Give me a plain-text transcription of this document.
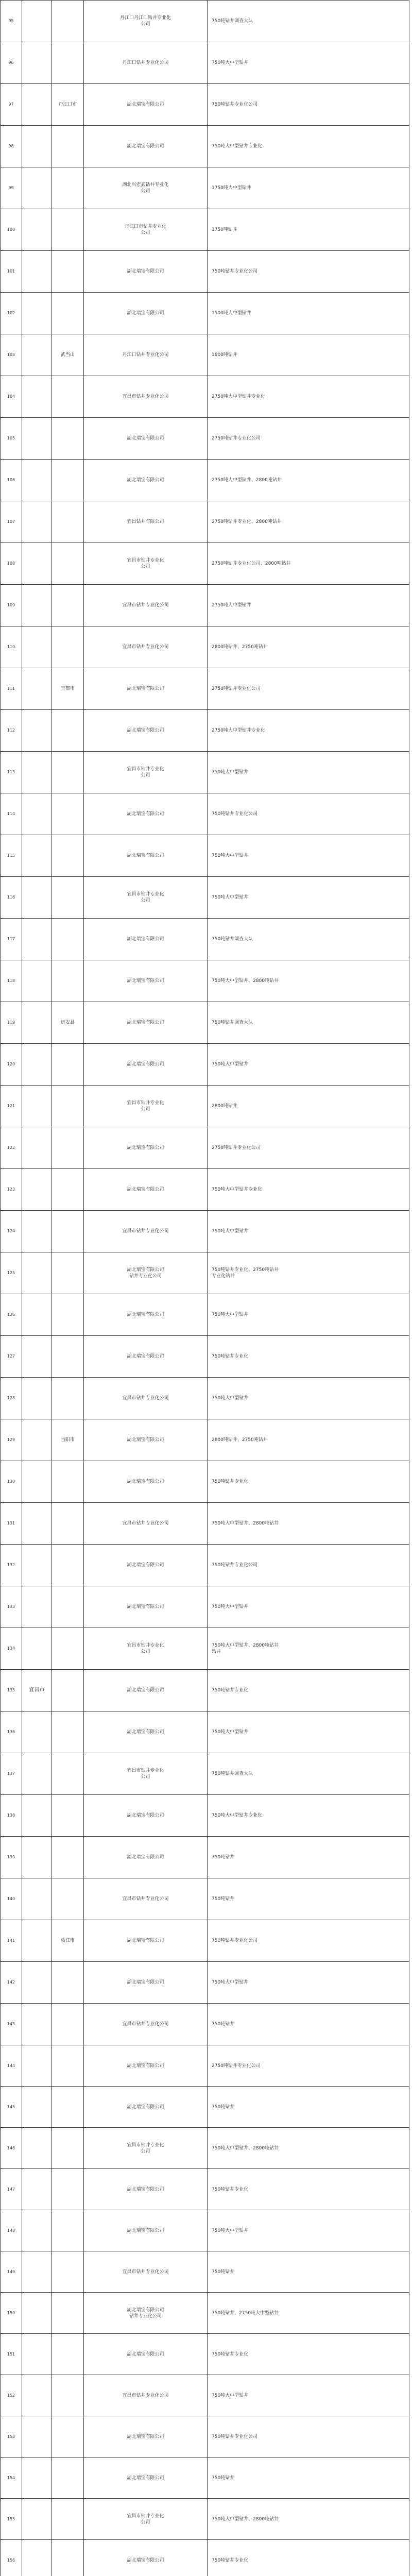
95			丹江口丹江口钻井专业化
公司	750吨钻井调查大队
96			丹江口钻井专业化公司	750吨大中型钻井
97		丹江口市	湖北瑞宝有限公司	750吨钻井专业化公司
98			湖北瑞宝有限公司	750吨大中型钻井专业化
99			湖北兴宏武钻井专业化
公司	1750吨大中型钻井
100			丹江口市钻井专业化
公司	1750吨钻井
101			湖北瑞宝有限公司	750吨钻井专业化公司
102			湖北瑞宝有限公司	1500吨大中型钻井
103		武当山	丹江口钻井专业化公司	1800吨钻井
104			宜昌市钻井专业化公司	2750吨大中型钻井专业化
105			湖北瑞宝有限公司	2750吨钻井专业化公司
106			湖北瑞宝有限公司	2750吨大中型钻井、2800吨钻井
107			宜昌钻井有限公司	2750吨钻井专业化、2800吨钻井
108			宜昌市钻井专业化
公司	2750吨钻井专业化公司、2800吨钻井
109			宜昌市钻井专业化公司	2750吨大中型钻井
110			宜昌市钻井专业化公司	2800吨钻井、2750吨钻井
111		宜都市	湖北瑞宝有限公司	2750吨钻井专业化公司
112			湖北瑞宝有限公司	2750吨大中型钻井专业化
113			宜昌市钻井专业化
公司	750吨大中型钻井
114			湖北瑞宝有限公司	750吨钻井专业化公司
115			湖北瑞宝有限公司	750吨大中型钻井
116			宜昌市钻井专业化
公司	750吨大中型钻井
117			湖北瑞宝有限公司	750吨钻井调查大队
118			湖北瑞宝有限公司	750吨大中型钻井、2800吨钻井
119		远安县	湖北瑞宝有限公司	750吨钻井调查大队
120			湖北瑞宝有限公司	750吨大中型钻井
121			宜昌市钻井专业化
公司	2800吨钻井
122			湖北瑞宝有限公司	2750吨钻井专业化公司
123			湖北瑞宝有限公司	750吨大中型钻井专业化
124			宜昌市钻井专业化公司	750吨大中型钻井
125			湖北瑞宝有限公司
钻井专业化公司	750吨钻井专业化、2750吨钻井
专业化钻井
126			湖北瑞宝有限公司	750吨大中型钻井
127			湖北瑞宝有限公司	750吨钻井专业化
128			宜昌市钻井专业化公司	750吨大中型钻井
129		当阳市	湖北瑞宝有限公司	2800吨钻井、2750吨钻井
130			湖北瑞宝有限公司	750吨钻井专业化
131			宜昌市钻井专业化公司	750吨大中型钻井、2800吨钻井
132			湖北瑞宝有限公司	750吨钻井专业化公司
133			湖北瑞宝有限公司	750吨大中型钻井
134			宜昌市钻井专业化
公司	750吨大中型钻井、2800吨钻井
钻井
135	宜昌市		湖北瑞宝有限公司	750吨钻井专业化
136			湖北瑞宝有限公司	750吨大中型钻井
137			宜昌市钻井专业化
公司	750吨钻井调查大队
138			湖北瑞宝有限公司	750吨大中型钻井专业化
139			湖北瑞宝有限公司	750吨钻井
140			宜昌市钻井专业化公司	750吨钻井
141		枝江市	湖北瑞宝有限公司	750吨钻井专业化公司
142			湖北瑞宝有限公司	750吨大中型钻井
143			宜昌市钻井专业化公司	750吨钻井
144			湖北瑞宝有限公司	2750吨钻井专业化公司
145			湖北瑞宝有限公司	750吨钻井
146			宜昌市钻井专业化
公司	750吨大中型钻井、2800吨钻井
147			湖北瑞宝有限公司	750吨钻井专业化
148			湖北瑞宝有限公司	750吨大中型钻井
149			宜昌市钻井专业化公司	750吨钻井
150			湖北瑞宝有限公司
钻井专业化公司	750吨钻井、2750吨大中型钻井
151			湖北瑞宝有限公司	750吨钻井专业化
152			宜昌市钻井专业化公司	750吨大中型钻井
153			湖北瑞宝有限公司	750吨钻井专业化公司
154			湖北瑞宝有限公司	750吨钻井
155			宜昌市钻井专业化
公司	750吨大中型钻井、2800吨钻井
156			湖北瑞宝有限公司	750吨钻井专业化
